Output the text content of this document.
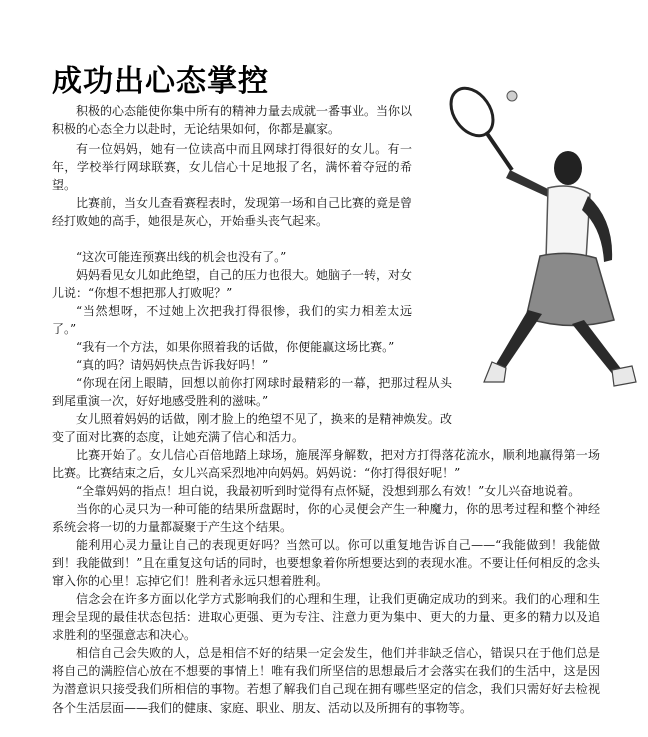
成功出心态掌控

积极的心态能使你集中所有的精神力量去成就一番事业。当你以积极的心态全力以赴时，无论结果如何，你都是赢家。

有一位妈妈，她有一位读高中而且网球打得很好的女儿。有一年，学校举行网球联赛，女儿信心十足地报了名，满怀着夺冠的希望。

比赛前，当女儿查看赛程表时，发现第一场和自己比赛的竟是曾经打败她的高手，她很是灰心，开始垂头丧气起来。

“这次可能连预赛出线的机会也没有了。”

妈妈看见女儿如此绝望，自己的压力也很大。她脑子一转，对女儿说：“你想不想把那人打败呢？”

“当然想呀，不过她上次把我打得很惨，我们的实力相差太远了。”

“我有一个方法，如果你照着我的话做，你便能赢这场比赛。”

“真的吗？请妈妈快点告诉我好吗！”

“你现在闭上眼睛，回想以前你打网球时最精彩的一幕，把那过程从头到尾重演一次，好好地感受胜利的滋味。”

女儿照着妈妈的话做，刚才脸上的绝望不见了，换来的是精神焕发。改变了面对比赛的态度，让她充满了信心和活力。

比赛开始了。女儿信心百倍地踏上球场，施展浑身解数，把对方打得落花流水，顺利地赢得第一场比赛。比赛结束之后，女儿兴高采烈地冲向妈妈。妈妈说：“你打得很好呢！”

“全靠妈妈的指点！坦白说，我最初听到时觉得有点怀疑，没想到那么有效！”女儿兴奋地说着。

当你的心灵只为一种可能的结果所盘踞时，你的心灵便会产生一种魔力，你的思考过程和整个神经系统会将一切的力量都凝聚于产生这个结果。

能利用心灵力量让自己的表现更好吗？当然可以。你可以重复地告诉自己——“我能做到！我能做到！我能做到！”且在重复这句话的同时，也要想象着你所想要达到的表现水准。不要让任何相反的念头窜入你的心里！忘掉它们！胜利者永远只想着胜利。

信念会在许多方面以化学方式影响我们的心理和生理，让我们更确定成功的到来。我们的心理和生理会呈现的最佳状态包括：进取心更强、更为专注、注意力更为集中、更大的力量、更多的精力以及追求胜利的坚强意志和决心。

相信自己会失败的人，总是相信不好的结果一定会发生，他们并非缺乏信心，错误只在于他们总是将自己的满腔信心放在不想要的事情上！唯有我们所坚信的思想最后才会落实在我们的生活中，这是因为潜意识只接受我们所相信的事物。若想了解我们自己现在拥有哪些坚定的信念，我们只需好好去检视各个生活层面——我们的健康、家庭、职业、朋友、活动以及所拥有的事物等。
